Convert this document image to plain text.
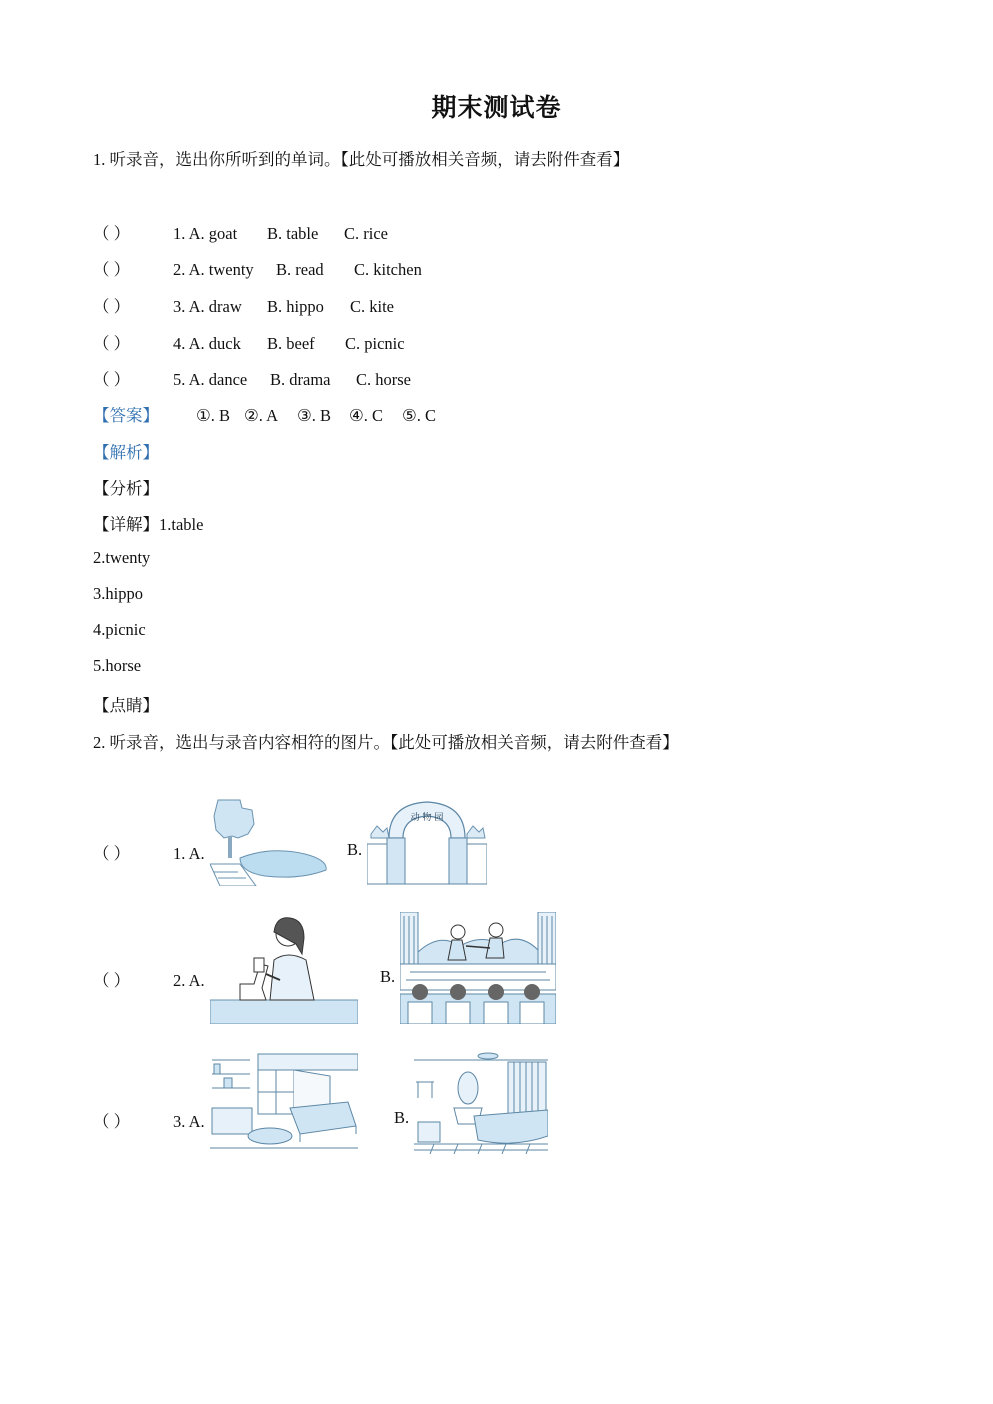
期末测试卷
1. 听录音，选出你所听到的单词。【此处可播放相关音频，请去附件查看】
（ ）	1. A. goat B. table C. rice
（ ）	2. A. twenty B. read C. kitchen
（ ）	3. A. draw B. hippo C. kite
（ ）	4. A. duck B. beef C. picnic
（ ）	5. A. dance B. drama C. horse
【答案】 ①. B ②. A ③. B ④. C ⑤. C
【解析】
【分析】
【详解】1.table
2.twenty
3.hippo
4.picnic
5.horse
【点睛】
2. 听录音，选出与录音内容相符的图片。【此处可播放相关音频，请去附件查看】
（ ）	1. A.	B.
动 物 园
（ ）	2. A.	B.
（ ）	3. A.	B.
